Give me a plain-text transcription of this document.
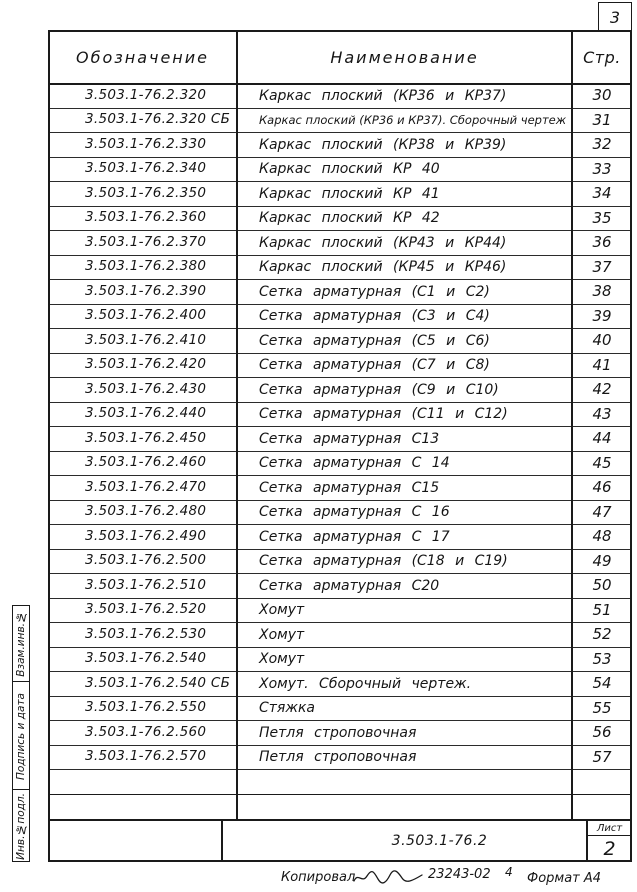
3
Обозначение	Наименование	Стр.
3.503.1-76.2.320	Каркас плоский (КР36 и КР37)	30
3.503.1-76.2.320 СБ	Каркас плоский (КР36 и КР37). Сборочный чертеж	31
3.503.1-76.2.330	Каркас плоский (КР38 и КР39)	32
3.503.1-76.2.340	Каркас плоский КР 40	33
3.503.1-76.2.350	Каркас плоский КР 41	34
3.503.1-76.2.360	Каркас плоский КР 42	35
3.503.1-76.2.370	Каркас плоский (КР43 и КР44)	36
3.503.1-76.2.380	Каркас плоский (КР45 и КР46)	37
3.503.1-76.2.390	Сетка арматурная (С1 и С2)	38
3.503.1-76.2.400	Сетка арматурная (С3 и С4)	39
3.503.1-76.2.410	Сетка арматурная (С5 и С6)	40
3.503.1-76.2.420	Сетка арматурная (С7 и С8)	41
3.503.1-76.2.430	Сетка арматурная (С9 и С10)	42
3.503.1-76.2.440	Сетка арматурная (С11 и С12)	43
3.503.1-76.2.450	Сетка арматурная С13	44
3.503.1-76.2.460	Сетка арматурная С 14	45
3.503.1-76.2.470	Сетка арматурная С15	46
3.503.1-76.2.480	Сетка арматурная С 16	47
3.503.1-76.2.490	Сетка арматурная С 17	48
3.503.1-76.2.500	Сетка арматурная (С18 и С19)	49
3.503.1-76.2.510	Сетка арматурная С20	50
3.503.1-76.2.520	Хомут	51
3.503.1-76.2.530	Хомут	52
3.503.1-76.2.540	Хомут	53
3.503.1-76.2.540 СБ	Хомут. Сборочный чертеж.	54
3.503.1-76.2.550	Стяжка	55
3.503.1-76.2.560	Петля строповочная	56
3.503.1-76.2.570	Петля строповочная	57
3.503.1-76.2
Лист
2
Взам.инв.№
Подпись и дата
Инв.№подл.
Копировал	23243-02 4 Формат А4
